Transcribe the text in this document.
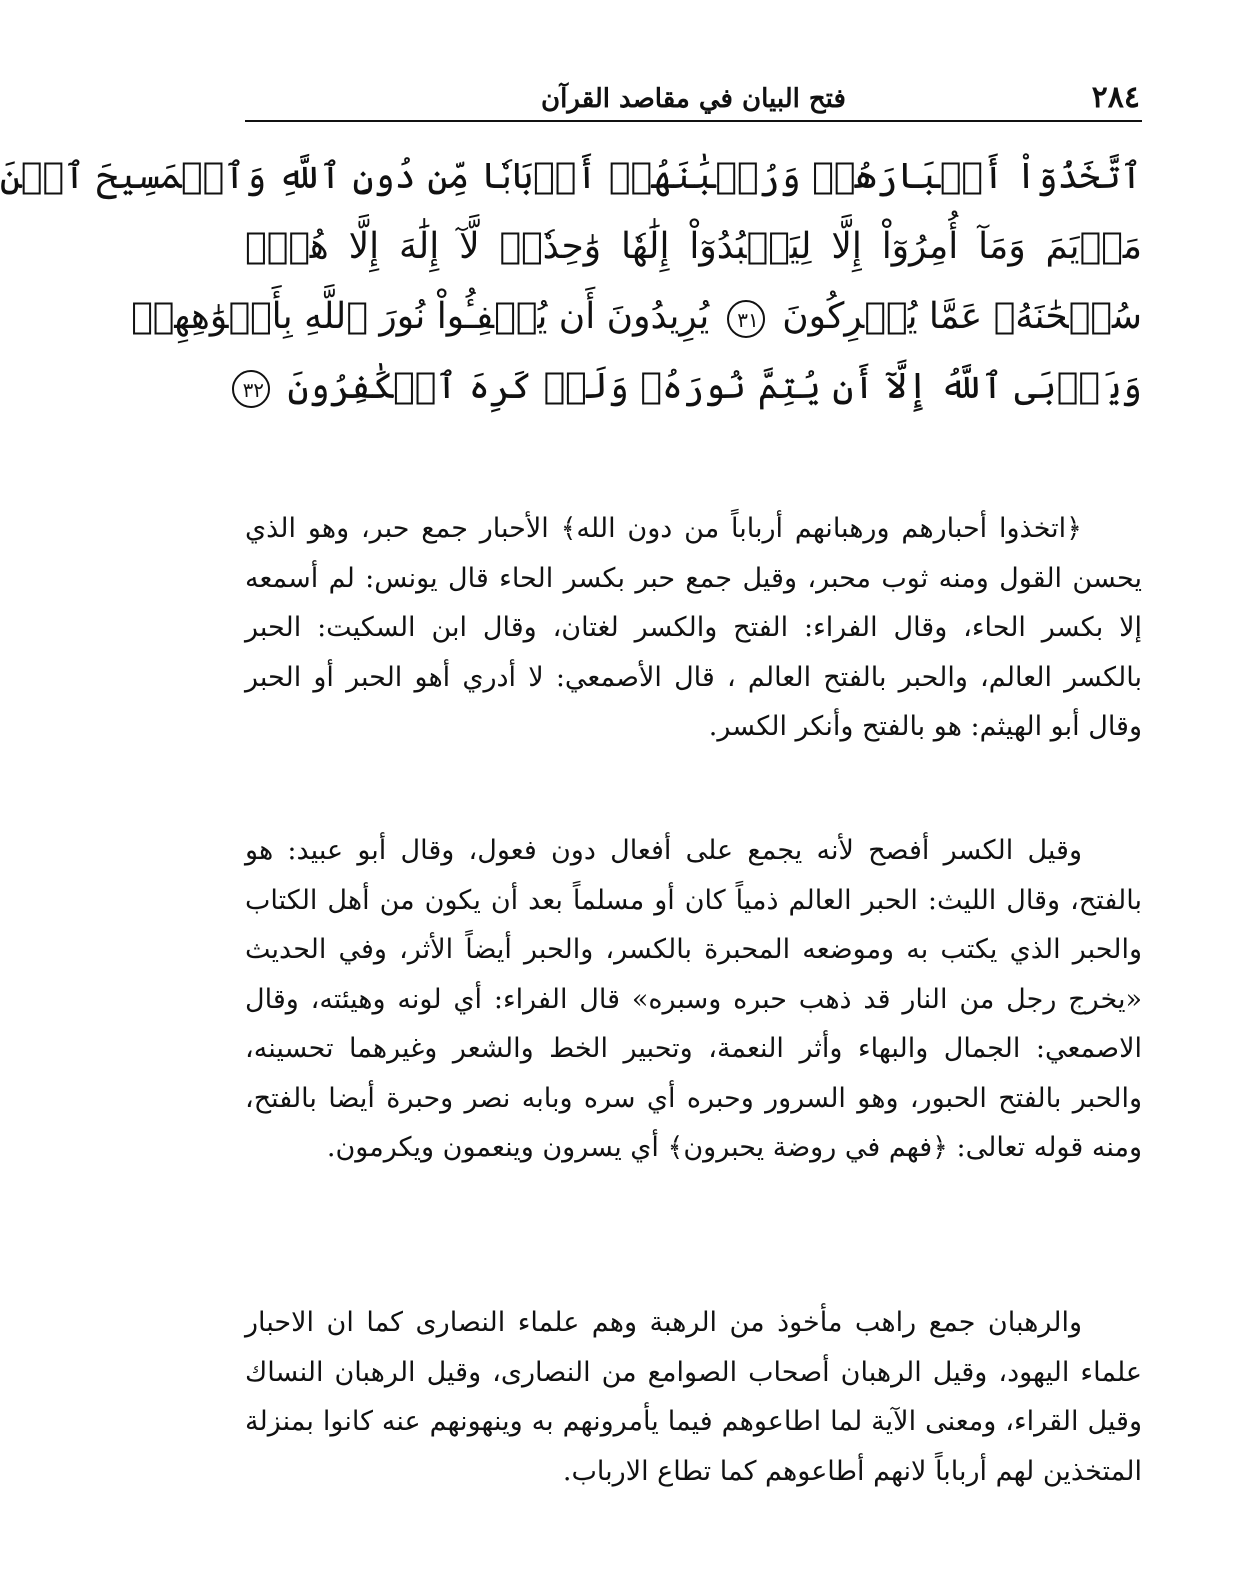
٢٨٤
فتح البيان في مقاصد القرآن
ٱتَّخَذُوٓاْ أَحۡبَارَهُمۡ وَرُهۡبَٰنَهُمۡ أَرۡبَابٗا مِّن دُونِ ٱللَّهِ وَٱلۡمَسِيحَ ٱبۡنَ
مَرۡيَمَ وَمَآ أُمِرُوٓاْ إِلَّا لِيَعۡبُدُوٓاْ إِلَٰهٗا وَٰحِدٗاۖ لَّآ إِلَٰهَ إِلَّا هُوَۚ
سُبۡحَٰنَهُۥ عَمَّا يُشۡرِكُونَ ٣١ يُرِيدُونَ أَن يُطۡفِـُٔواْ نُورَ ٱللَّهِ بِأَفۡوَٰهِهِمۡ
وَيَأۡبَى ٱللَّهُ إِلَّآ أَن يُتِمَّ نُورَهُۥ وَلَوۡ كَرِهَ ٱلۡكَٰفِرُونَ ٣٢

﴿اتخذوا أحبارهم ورهبانهم أرباباً من دون الله﴾ الأحبار جمع حبر، وهو الذي يحسن القول ومنه ثوب محبر، وقيل جمع حبر بكسر الحاء قال يونس: لم أسمعه إلا بكسر الحاء، وقال الفراء: الفتح والكسر لغتان، وقال ابن السكيت: الحبر بالكسر العالم، والحبر بالفتح العالم ، قال الأصمعي: لا أدري أهو الحبر أو الحبر وقال أبو الهيثم: هو بالفتح وأنكر الكسر.

وقيل الكسر أفصح لأنه يجمع على أفعال دون فعول، وقال أبو عبيد: هو بالفتح، وقال الليث: الحبر العالم ذمياً كان أو مسلماً بعد أن يكون من أهل الكتاب والحبر الذي يكتب به وموضعه المحبرة بالكسر، والحبر أيضاً الأثر، وفي الحديث «يخرج رجل من النار قد ذهب حبره وسبره» قال الفراء: أي لونه وهيئته، وقال الاصمعي: الجمال والبهاء وأثر النعمة، وتحبير الخط والشعر وغيرهما تحسينه، والحبر بالفتح الحبور، وهو السرور وحبره أي سره وبابه نصر وحبرة أيضا بالفتح، ومنه قوله تعالى: ﴿فهم في روضة يحبرون﴾ أي يسرون وينعمون ويكرمون.

والرهبان جمع راهب مأخوذ من الرهبة وهم علماء النصارى كما ان الاحبار علماء اليهود، وقيل الرهبان أصحاب الصوامع من النصارى، وقيل الرهبان النساك وقيل القراء، ومعنى الآية لما اطاعوهم فيما يأمرونهم به وينهونهم عنه كانوا بمنزلة المتخذين لهم أرباباً لانهم أطاعوهم كما تطاع الارباب.
